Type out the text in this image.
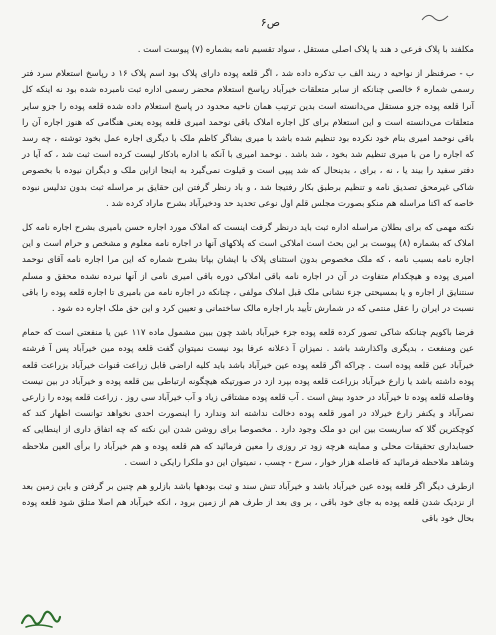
ص۶

مکلفند با پلاک فرعی د هند یا پلاک اصلی مستقل ، سواد تقسیم نامه بشماره (۷) پیوست است .

ب - صرفنظر از نواحیه د ربند الف ب تذکره داده شد ، اگر قلعه پوده دارای پلاک بود اسم پلاک ۱۶ د رپاسخ استعلام سرد فتر رسمی شماره ۶ خالصی چنانکه از سابر متعلقات خیرآباد رپاسخ استعلام محضر رسمی اداره ثبت نامبرده شده بود نه اینکه کل آنرا قلعه پوده جزو مستقل می‌دانسته است بدین ترتیب همان ناحیه محدود در پاسخ استعلام داده شده قلعه پوده را جزو سایر متعلقات می‌دانسته است و این استعلام برای کل اجاره املاک باقی نوحمد امیری قلعه پوده یعنی هنگامی که هنوز اجاره آن را باقی نوحمد امیری بنام خود نکرده بود تنظیم شده باشد با میری بشاگر کاظم ملک با دیگری اجاره عمل بخود توشته ، چه رسد که اجاره را من با میری تنظیم شد بخود ، شد باشد . نوحمد امیری با آنکه با اداره بادکار لیست کرده است ثبت شد ، که آیا در دفتر سفید را بیند یا ، نه ، برای ، بدینحال که شد پیپی است و قیلوت نمی‌گیرد به اینجا ازاین ملک و دیگران نیوده با بخصوص شاکی غیرمحق تصدیق نامه و تنظیم برطبق بکار رفتیجا شد ، و باد رنظر گرفتن این حقایق بر مراسله ثبت بدون تدلیس نبوده خاصه که اکنا مراسله هم منکو بصورت مجلس قلم اول نوعی تحدید حد ودخیرآباد بشرح ماراد کرده شد .

نکته مهمی که برای بطلان مراسله اداره ثبت باید درنظر گرفت اینست که املاک مورد اجاره حسن بامیری بشرح اجاره نامه کل املاک که بشماره (۸) پیوست بر این بحث است املاکی است که پلاکهای آنها در اجاره نامه معلوم و مشخص و حرام است و این اجاره نامه بسبب نامه ، که ملک مخصوص بدون استثنای پلاک با ایشان بپاتا بشرح شماره که این مرا اجاره نامه آقای نوحمد امیری پوده و هیچکدام متفاوت در آن در اجاره نامه باقی املاکی دوره باقی امیری نامی از آنها نبرده نشده محقق و مسلم سنتنایق از اجاره و یا بمسیحتی جزء نشانی ملک قبل املاک مولفی ، چنانکه در اجاره نامه من بامیری تا اجاره قلعه پوده را باقی نسبت در ایران را عقل منتمی که در شمارش تأیید بار اجاره مالک ساختمانی و تعیین کرد و این حق ملک اجاره ده شود .

فرضا باکویم چنانکه شاکی تصور کرده قلعه پوده جزء خیرآباد باشد چون ببین مشمول ماده ۱۱۷ عین یا منفعتی است که حمام عین ومنفعت ، بدیگری واکذارشد باشد . نمیزان آ ذعلانه عرفا بود نیست نمیتوان گفت قلعه پوده مین خیرآباد پس آ فرشته خیرآباد عین قلعه پوده است . چراکه اگر قلعه پوده عین خیرآباد باشد باید کلیه اراضی قابل زراعت قنوات خیرآباد بزراعت قلعه پوده داشته باشد یا زارع خیرآباد بزراعت قلعه پوده بپرد ازد در صورتیکه هیچگونه ارتباطی بین قلعه پوده و خیرآباد در بین نیست وفاصله قلعه پوده تا خیرآباد در حدود بیش است . آب قلعه پوده مشتاقی زیاد و آب خیرآباد سی روز . زراعت قلعه پوده را زارعی نصرآباد و یکنفر زارع خیرلاد در امور قلعه پوده دخالت نداشته اند وندارد را اینصورت احدی نخواهد توانست اظهار کند که کوچکترین گلا که ساریست بین این دو ملک وجود دارد . مخصوصا برای روشن شدن این نکته که چه اتفاق داری از اینطایی که حسابداری تحقیقات محلی و مماینه هرچه زود تر روزی را معین فرمائید که هم قلعه پوده و هم خیرآباد را برأی العین ملاحظه وشاهد ملاحظه فرمائید که فاصله هزار خوار ، سرخ - چسب ، نمیتوان این دو ملکرا رایکی د انست .

ازطرف دیگر اگر قلعه پوده عین خیرآباد باشد و خیرآباد تنش سند و ثبت بودهها باشد بازلرو هم چنین بر گرفتن و باین زمین بعد از نزدیک شدن قلعه پوده به جای خود باقی ، بر وی بعد از طرف هم از زمین برود ، انکه خیرآباد هم اصلا متلق شود قلعه پوده بحال خود باقی
